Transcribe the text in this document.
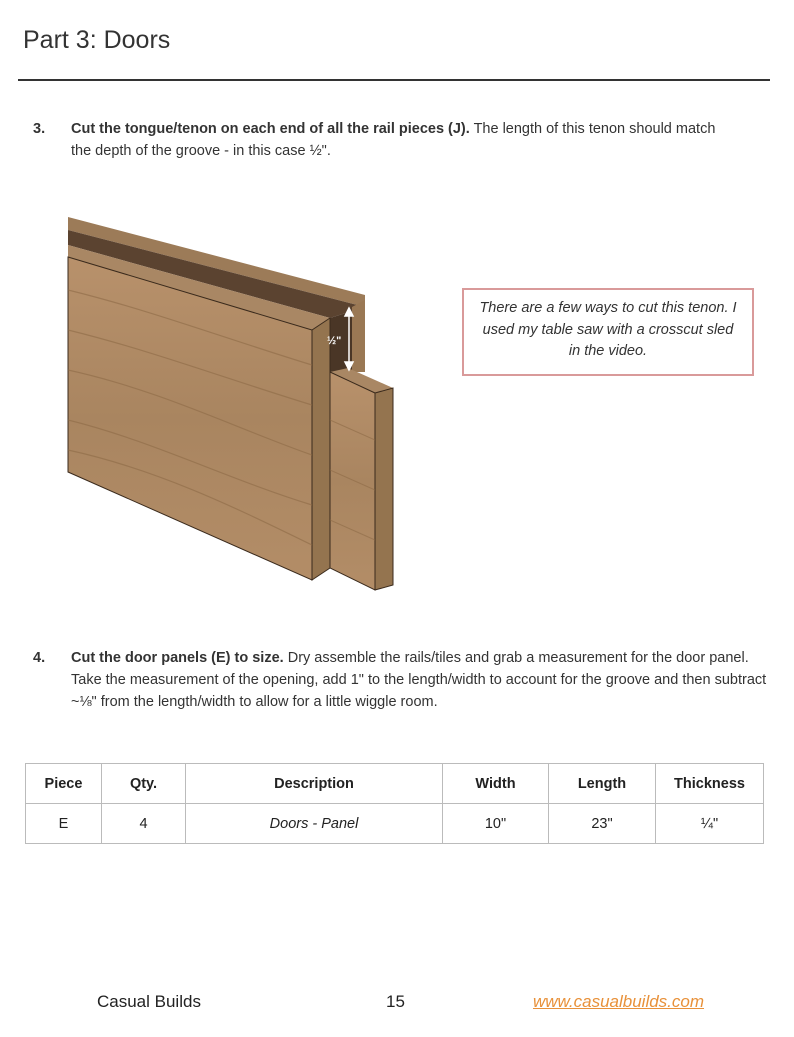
Part 3: Doors
3. Cut the tongue/tenon on each end of all the rail pieces (J). The length of this tenon should match the depth of the groove - in this case ½".
½"
There are a few ways to cut this tenon. I used my table saw with a crosscut sled in the video.
4. Cut the door panels (E) to size. Dry assemble the rails/tiles and grab a measurement for the door panel. Take the measurement of the opening, add 1" to the length/width to account for the groove and then subtract ~⅛" from the length/width to allow for a little wiggle room.
Piece	Qty.	Description	Width	Length	Thickness
E	4	Doors - Panel	10"	23"	¼"
Casual Builds	15	www.casualbuilds.com
